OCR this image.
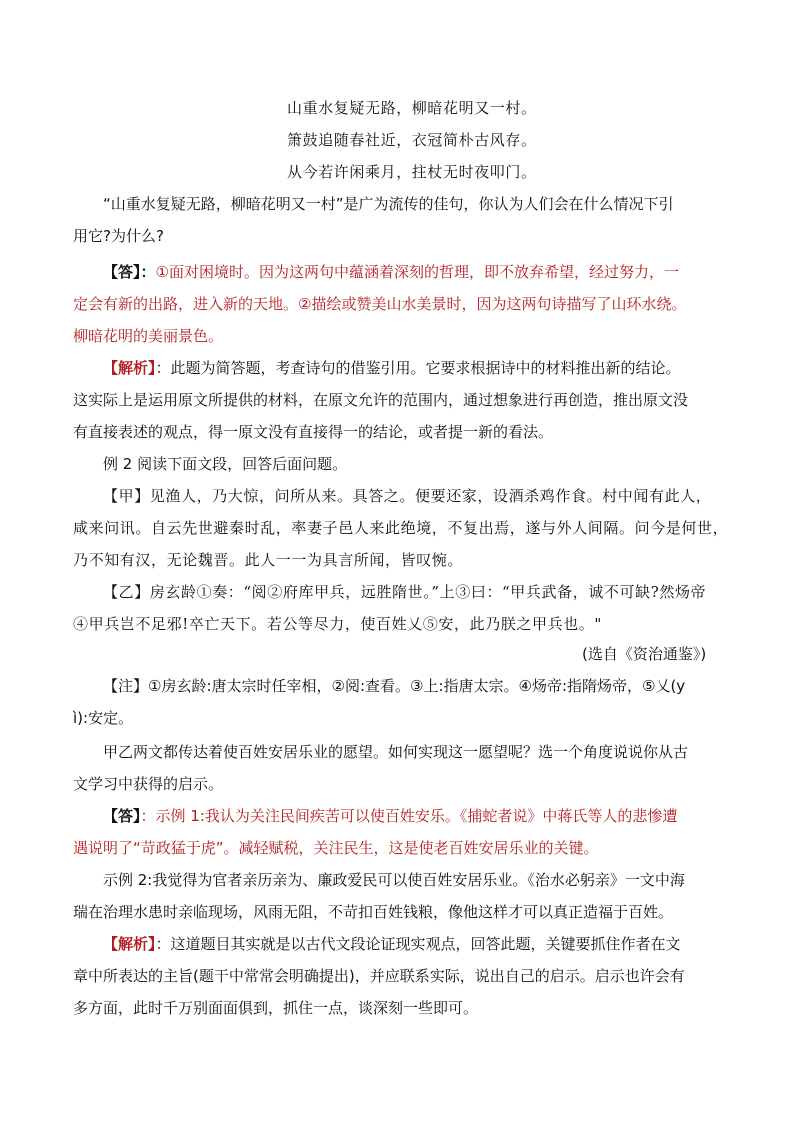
山重水复疑无路，柳暗花明又一村。
箫鼓追随春社近，衣冠简朴古风存。
从今若许闲乘月，拄杖无时夜叩门。
“山重水复疑无路，柳暗花明又一村”是广为流传的佳句，你认为人们会在什么情况下引
用它?为什么?
【答】：①面对困境时。因为这两句中蕴涵着深刻的哲理，即不放弃希望，经过努力，一
定会有新的出路，进入新的天地。②描绘或赞美山水美景时，因为这两句诗描写了山环水绕。
柳暗花明的美丽景色。
【解析】：此题为简答题，考查诗句的借鉴引用。它要求根据诗中的材料推出新的结论。
这实际上是运用原文所提供的材料，在原文允许的范围内，通过想象进行再创造，推出原文没
有直接表述的观点，得一原文没有直接得一的结论，或者提一新的看法。
例 2 阅读下面文段，回答后面问题。
【甲】见渔人，乃大惊，问所从来。具答之。便要还家，设酒杀鸡作食。村中闻有此人，
咸来问讯。自云先世避秦时乱，率妻子邑人来此绝境，不复出焉，遂与外人间隔。问今是何世，
乃不知有汉，无论魏晋。此人一一为具言所闻，皆叹惋。
【乙】房玄龄①奏：“阅②府库甲兵，远胜隋世。”上③曰：“甲兵武备，诚不可缺?然炀帝
④甲兵岂不足邪!卒亡天下。若公等尽力，使百姓乂⑤安，此乃朕之甲兵也。"
(选自《资治通鉴》)
【注】①房玄龄:唐太宗时任宰相，②阅:查看。③上:指唐太宗。④炀帝:指隋炀帝，⑤乂(y
ì):安定。
甲乙两文都传达着使百姓安居乐业的愿望。如何实现这一愿望呢？选一个角度说说你从古
文学习中获得的启示。
【答】：示例 1:我认为关注民间疾苦可以使百姓安乐。《捕蛇者说》中蒋氏等人的悲惨遭
遇说明了“苛政猛于虎”。减轻赋税，关注民生，这是使老百姓安居乐业的关键。
示例 2:我觉得为官者亲历亲为、廉政爱民可以使百姓安居乐业。《治水必躬亲》一文中海
瑞在治理水患时亲临现场，风雨无阻，不苛扣百姓钱粮，像他这样才可以真正造福于百姓。
【解析】：这道题目其实就是以古代文段论证现实观点，回答此题，关键要抓住作者在文
章中所表达的主旨(题干中常常会明确提出)，并应联系实际，说出自己的启示。启示也许会有
多方面，此时千万别面面俱到，抓住一点，谈深刻一些即可。
